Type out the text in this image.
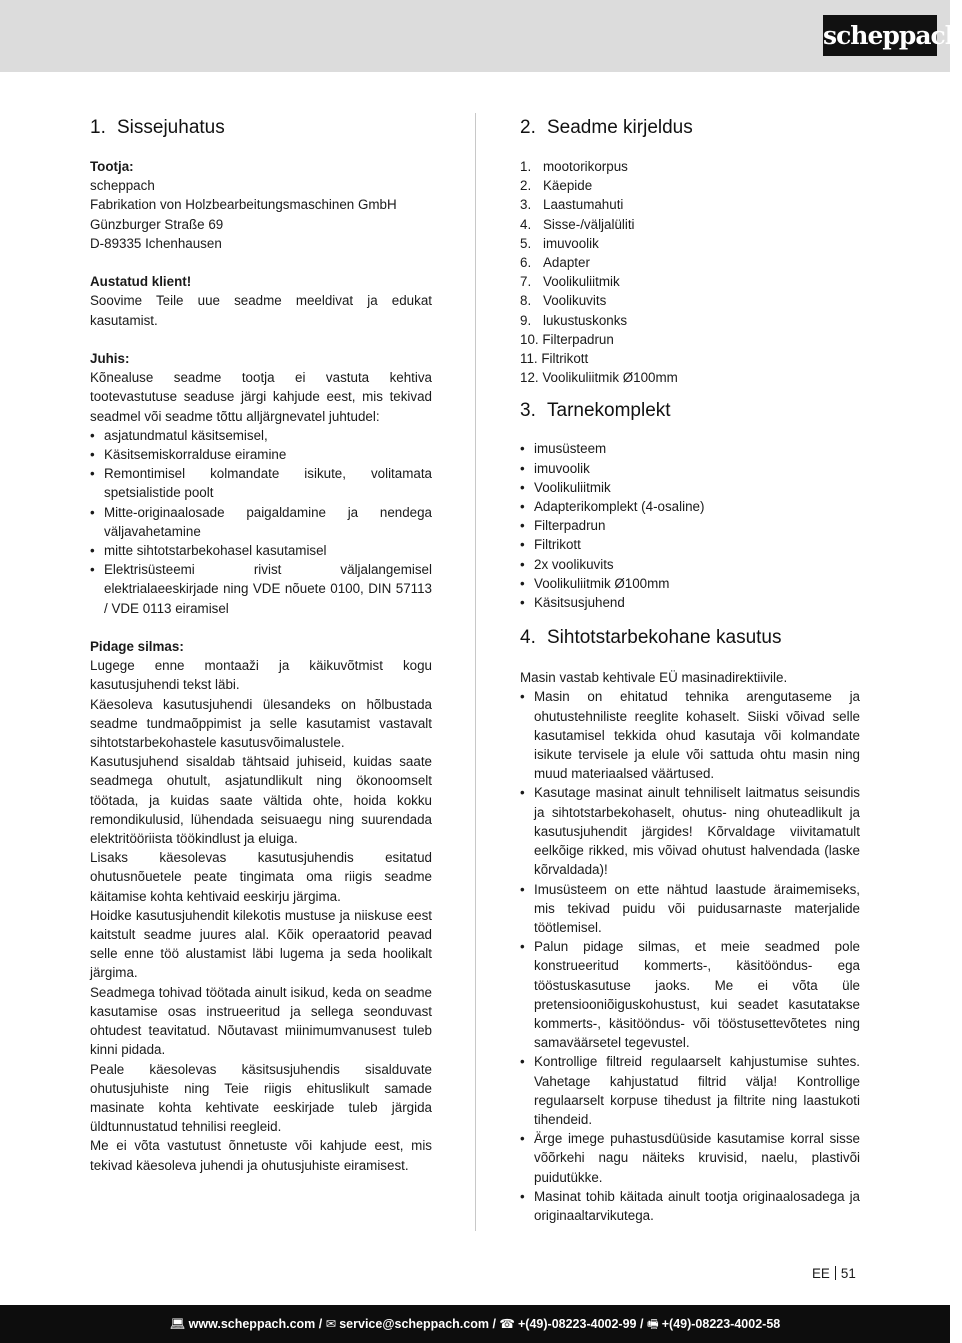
scheppach
1. Sissejuhatus
Tootja:
scheppach
Fabrikation von Holzbearbeitungsmaschinen GmbH
Günzburger Straße 69
D-89335 Ichenhausen
Austatud klient!

Soovime Teile uue seadme meeldivat ja edukat kasutamist.

Juhis:

Kõnealuse seadme tootja ei vastuta kehtiva tootevastutuse seaduse järgi kahjude eest, mis tekivad seadmel või seadme tõttu alljärgnevatel juhtudel:

• asjatundmatul käsitsemisel,
• Käsitsemiskorralduse eiramine
• Remontimisel kolmandate isikute, volitamata spetsialistide poolt
• Mitte-originaalosade paigaldamine ja nendega väljavahetamine
• mitte sihtotstarbekohasel kasutamisel
• Elektrisüsteemi rivist väljalangemisel elektrialaeeskirjade ning VDE nõuete 0100, DIN 57113 / VDE 0113 eiramisel
Pidage silmas:

Lugege enne montaaži ja käikuvõtmist kogu kasutusjuhendi tekst läbi.

Käesoleva kasutusjuhendi ülesandeks on hõlbustada seadme tundmaõppimist ja selle kasutamist vastavalt sihtotstarbekohastele kasutusvõimalustele.

Kasutusjuhend sisaldab tähtsaid juhiseid, kuidas saate seadmega ohutult, asjatundlikult ning ökonoomselt töötada, ja kuidas saate vältida ohte, hoida kokku remondikulusid, lühendada seisuaegu ning suurendada elektritööriista töökindlust ja eluiga.

Lisaks käesolevas kasutusjuhendis esitatud ohutusnõuetele peate tingimata oma riigis seadme käitamise kohta kehtivaid eeskirju järgima.

Hoidke kasutusjuhendit kilekotis mustuse ja niiskuse eest kaitstult seadme juures alal. Kõik operaatorid peavad selle enne töö alustamist läbi lugema ja seda hoolikalt järgima.

Seadmega tohivad töötada ainult isikud, keda on seadme kasutamise osas instrueeritud ja sellega seonduvast ohtudest teavitatud. Nõutavast miinimumvanusest tuleb kinni pidada.

Peale käesolevas käsitsusjuhendis sisalduvate ohutusjuhiste ning Teie riigis ehituslikult samade masinate kohta kehtivate eeskirjade tuleb järgida üldtunnustatud tehnilisi reegleid.

Me ei võta vastutust õnnetuste või kahjude eest, mis tekivad käesoleva juhendi ja ohutusjuhiste eiramisest.

2. Seadme kirjeldus
1. mootorikorpus
2. Käepide
3. Laastumahuti
4. Sisse-/väljalüliti
5. imuvoolik
6. Adapter
7. Voolikuliitmik
8. Voolikuvits
9. lukustuskonks
10. Filterpadrun
11. Filtrikott
12. Voolikuliitmik Ø100mm
3. Tarnekomplekt
• imusüsteem
• imuvoolik
• Voolikuliitmik
• Adapterikomplekt (4-osaline)
• Filterpadrun
• Filtrikott
• 2x voolikuvits
• Voolikuliitmik Ø100mm
• Käsitsusjuhend
4. Sihtotstarbekohane kasutus

Masin vastab kehtivale EÜ masinadirektiivile.

• Masin on ehitatud tehnika arengutaseme ja ohutustehniliste reeglite kohaselt. Siiski võivad selle kasutamisel tekkida ohud kasutaja või kolmandate isikute tervisele ja elule või sattuda ohtu masin ning muud materiaalsed väärtused.
• Kasutage masinat ainult tehniliselt laitmatus seisundis ja sihtotstarbekohaselt, ohutus- ning ohuteadlikult ja kasutusjuhendit järgides! Kõrvaldage viivitamatult eelkõige rikked, mis võivad ohutust halvendada (laske kõrvaldada)!
• Imusüsteem on ette nähtud laastude äraimemiseks, mis tekivad puidu või puidusarnaste materjalide töötlemisel.
• Palun pidage silmas, et meie seadmed pole konstrueeritud kommerts-, käsitööndus- ega tööstuskasutuse jaoks. Me ei võta üle pretensiooniõiguskohustust, kui seadet kasutatakse kommerts-, käsitööndus- või tööstusettevõtetes ning samaväärsetel tegevustel.
• Kontrollige filtreid regulaarselt kahjustumise suhtes. Vahetage kahjustatud filtrid välja! Kontrollige regulaarselt korpuse tihedust ja filtrite ning laastukoti tihendeid.
• Ärge imege puhastusdüüside kasutamise korral sisse võõrkehi nagu näiteks kruvisid, naelu, plastivõi puidutükke.
• Masinat tohib käitada ainult tootja originaalosadega ja originaaltarvikutega.
EE 51
💻︎ www.scheppach.com / ✉︎ service@scheppach.com / ☎︎ +(49)-08223-4002-99 / 🖷︎ +(49)-08223-4002-58
